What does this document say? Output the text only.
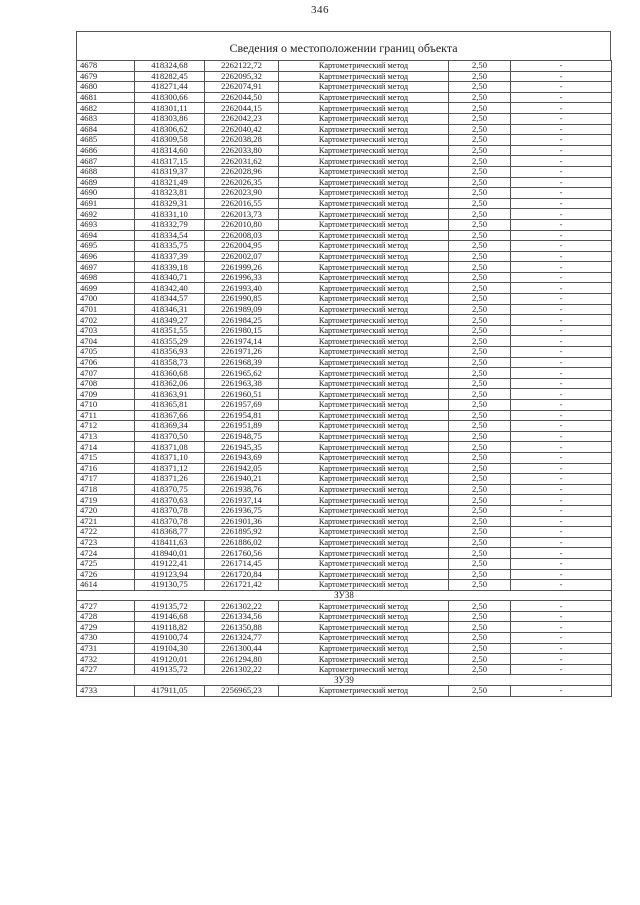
346
Сведения о местоположении границ объекта
4678	418324,68	2262122,72	Картометрический метод	2,50	-
4679	418282,45	2262095,32	Картометрический метод	2,50	-
4680	418271,44	2262074,91	Картометрический метод	2,50	-
4681	418300,66	2262044,50	Картометрический метод	2,50	-
4682	418301,11	2262044,15	Картометрический метод	2,50	-
4683	418303,86	2262042,23	Картометрический метод	2,50	-
4684	418306,62	2262040,42	Картометрический метод	2,50	-
4685	418309,58	2262038,28	Картометрический метод	2,50	-
4686	418314,60	2262033,80	Картометрический метод	2,50	-
4687	418317,15	2262031,62	Картометрический метод	2,50	-
4688	418319,37	2262028,96	Картометрический метод	2,50	-
4689	418321,49	2262026,35	Картометрический метод	2,50	-
4690	418323,81	2262023,90	Картометрический метод	2,50	-
4691	418329,31	2262016,55	Картометрический метод	2,50	-
4692	418331,10	2262013,73	Картометрический метод	2,50	-
4693	418332,79	2262010,80	Картометрический метод	2,50	-
4694	418334,54	2262008,03	Картометрический метод	2,50	-
4695	418335,75	2262004,95	Картометрический метод	2,50	-
4696	418337,39	2262002,07	Картометрический метод	2,50	-
4697	418339,18	2261999,26	Картометрический метод	2,50	-
4698	418340,71	2261996,33	Картометрический метод	2,50	-
4699	418342,40	2261993,40	Картометрический метод	2,50	-
4700	418344,57	2261990,85	Картометрический метод	2,50	-
4701	418346,31	2261989,09	Картометрический метод	2,50	-
4702	418349,27	2261984,25	Картометрический метод	2,50	-
4703	418351,55	2261980,15	Картометрический метод	2,50	-
4704	418355,29	2261974,14	Картометрический метод	2,50	-
4705	418356,93	2261971,26	Картометрический метод	2,50	-
4706	418358,73	2261968,39	Картометрический метод	2,50	-
4707	418360,68	2261965,62	Картометрический метод	2,50	-
4708	418362,06	2261963,38	Картометрический метод	2,50	-
4709	418363,91	2261960,51	Картометрический метод	2,50	-
4710	418365,81	2261957,69	Картометрический метод	2,50	-
4711	418367,66	2261954,81	Картометрический метод	2,50	-
4712	418369,34	2261951,89	Картометрический метод	2,50	-
4713	418370,50	2261948,75	Картометрический метод	2,50	-
4714	418371,08	2261945,35	Картометрический метод	2,50	-
4715	418371,10	2261943,69	Картометрический метод	2,50	-
4716	418371,12	2261942,05	Картометрический метод	2,50	-
4717	418371,26	2261940,21	Картометрический метод	2,50	-
4718	418370,75	2261938,76	Картометрический метод	2,50	-
4719	418370,63	2261937,14	Картометрический метод	2,50	-
4720	418370,78	2261936,75	Картометрический метод	2,50	-
4721	418370,78	2261901,36	Картометрический метод	2,50	-
4722	418368,77	2261895,92	Картометрический метод	2,50	-
4723	418411,63	2261886,02	Картометрический метод	2,50	-
4724	418940,01	2261760,56	Картометрический метод	2,50	-
4725	419122,41	2261714,45	Картометрический метод	2,50	-
4726	419123,94	2261720,84	Картометрический метод	2,50	-
4614	419130,75	2261721,42	Картометрический метод	2,50	-
ЗУ38					
4727	419135,72	2261302,22	Картометрический метод	2,50	-
4728	419146,68	2261334,56	Картометрический метод	2,50	-
4729	419118,82	2261350,88	Картометрический метод	2,50	-
4730	419100,74	2261324,77	Картометрический метод	2,50	-
4731	419104,30	2261300,44	Картометрический метод	2,50	-
4732	419120,01	2261294,80	Картометрический метод	2,50	-
4727	419135,72	2261302,22	Картометрический метод	2,50	-
ЗУ39					
4733	417911,05	2256965,23	Картометрический метод	2,50	-
